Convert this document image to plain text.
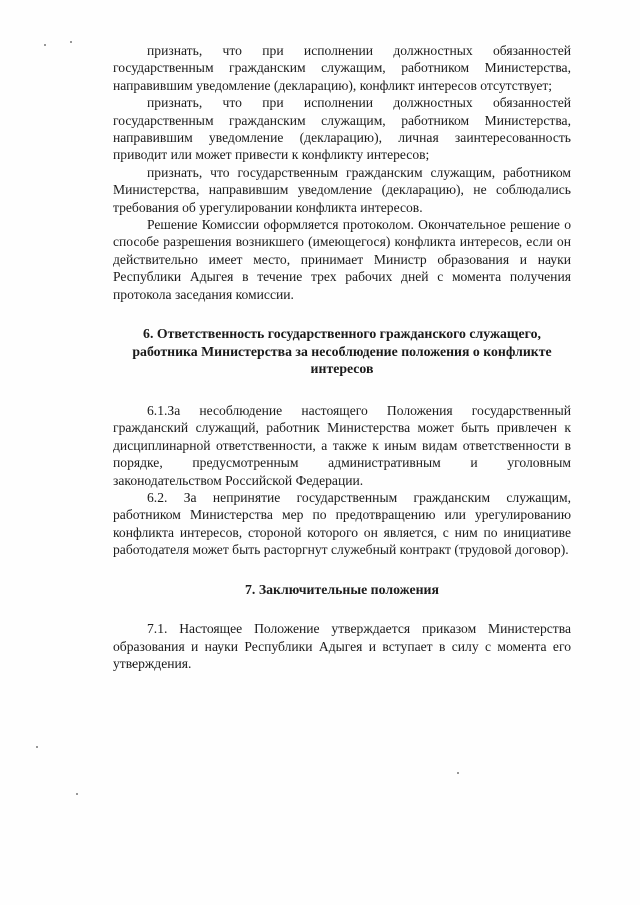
признать, что при исполнении должностных обязанностей государственным гражданским служащим, работником Министерства, направившим уведомление (декларацию), конфликт интересов отсутствует;

признать, что при исполнении должностных обязанностей государственным гражданским служащим, работником Министерства, направившим уведомление (декларацию), личная заинтересованность приводит или может привести к конфликту интересов;

признать, что государственным гражданским служащим, работником Министерства, направившим уведомление (декларацию), не соблюдались требования об урегулировании конфликта интересов.

Решение Комиссии оформляется протоколом. Окончательное решение о способе разрешения возникшего (имеющегося) конфликта интересов, если он действительно имеет место, принимает Министр образования и науки Республики Адыгея в течение трех рабочих дней с момента получения протокола заседания комиссии.

6. Ответственность государственного гражданского служащего, работника Министерства за несоблюдение положения о конфликте интересов

6.1.За несоблюдение настоящего Положения государственный гражданский служащий, работник Министерства может быть привлечен к дисциплинарной ответственности, а также к иным видам ответственности в порядке, предусмотренным административным и уголовным законодательством Российской Федерации.

6.2. За непринятие государственным гражданским служащим, работником Министерства мер по предотвращению или урегулированию конфликта интересов, стороной которого он является, с ним по инициативе работодателя может быть расторгнут служебный контракт (трудовой договор).

7. Заключительные положения

7.1. Настоящее Положение утверждается приказом Министерства образования и науки Республики Адыгея и вступает в силу с момента его утверждения.
